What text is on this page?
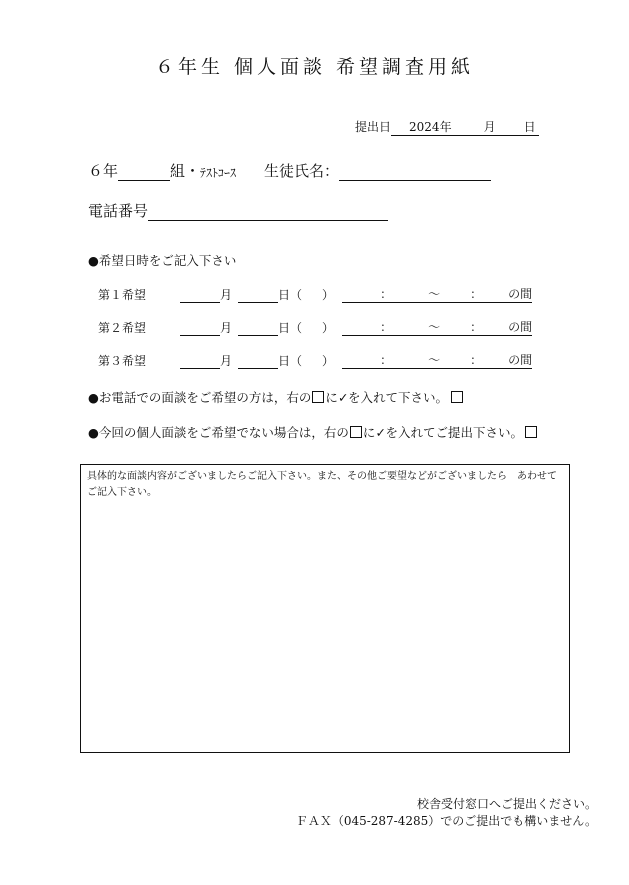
６年生 個人面談 希望調査用紙
提出日	2024年	月 日
６年	組・ ﾃｽﾄｺｰｽ 生徒氏名：
電話番号
●希望日時をご記入下さい
第１希望	月	日 （ ）	：	～	： の間
第２希望	月	日 （ ）	：	～	： の間
第３希望	月	日 （ ）	：	～	： の間
●お電話での面談をご希望の方は，右の に✓を入れて下さい。
●今回の個人面談をご希望でない場合は，右の に✓を入れてご提出下さい。
具体的な面談内容がございましたらご記入下さい。また、その他ご要望などがございましたら　あわせてご記入下さい。
校舎受付窓口へご提出ください。
ＦＡＸ（045-287-4285）でのご提出でも構いません。
